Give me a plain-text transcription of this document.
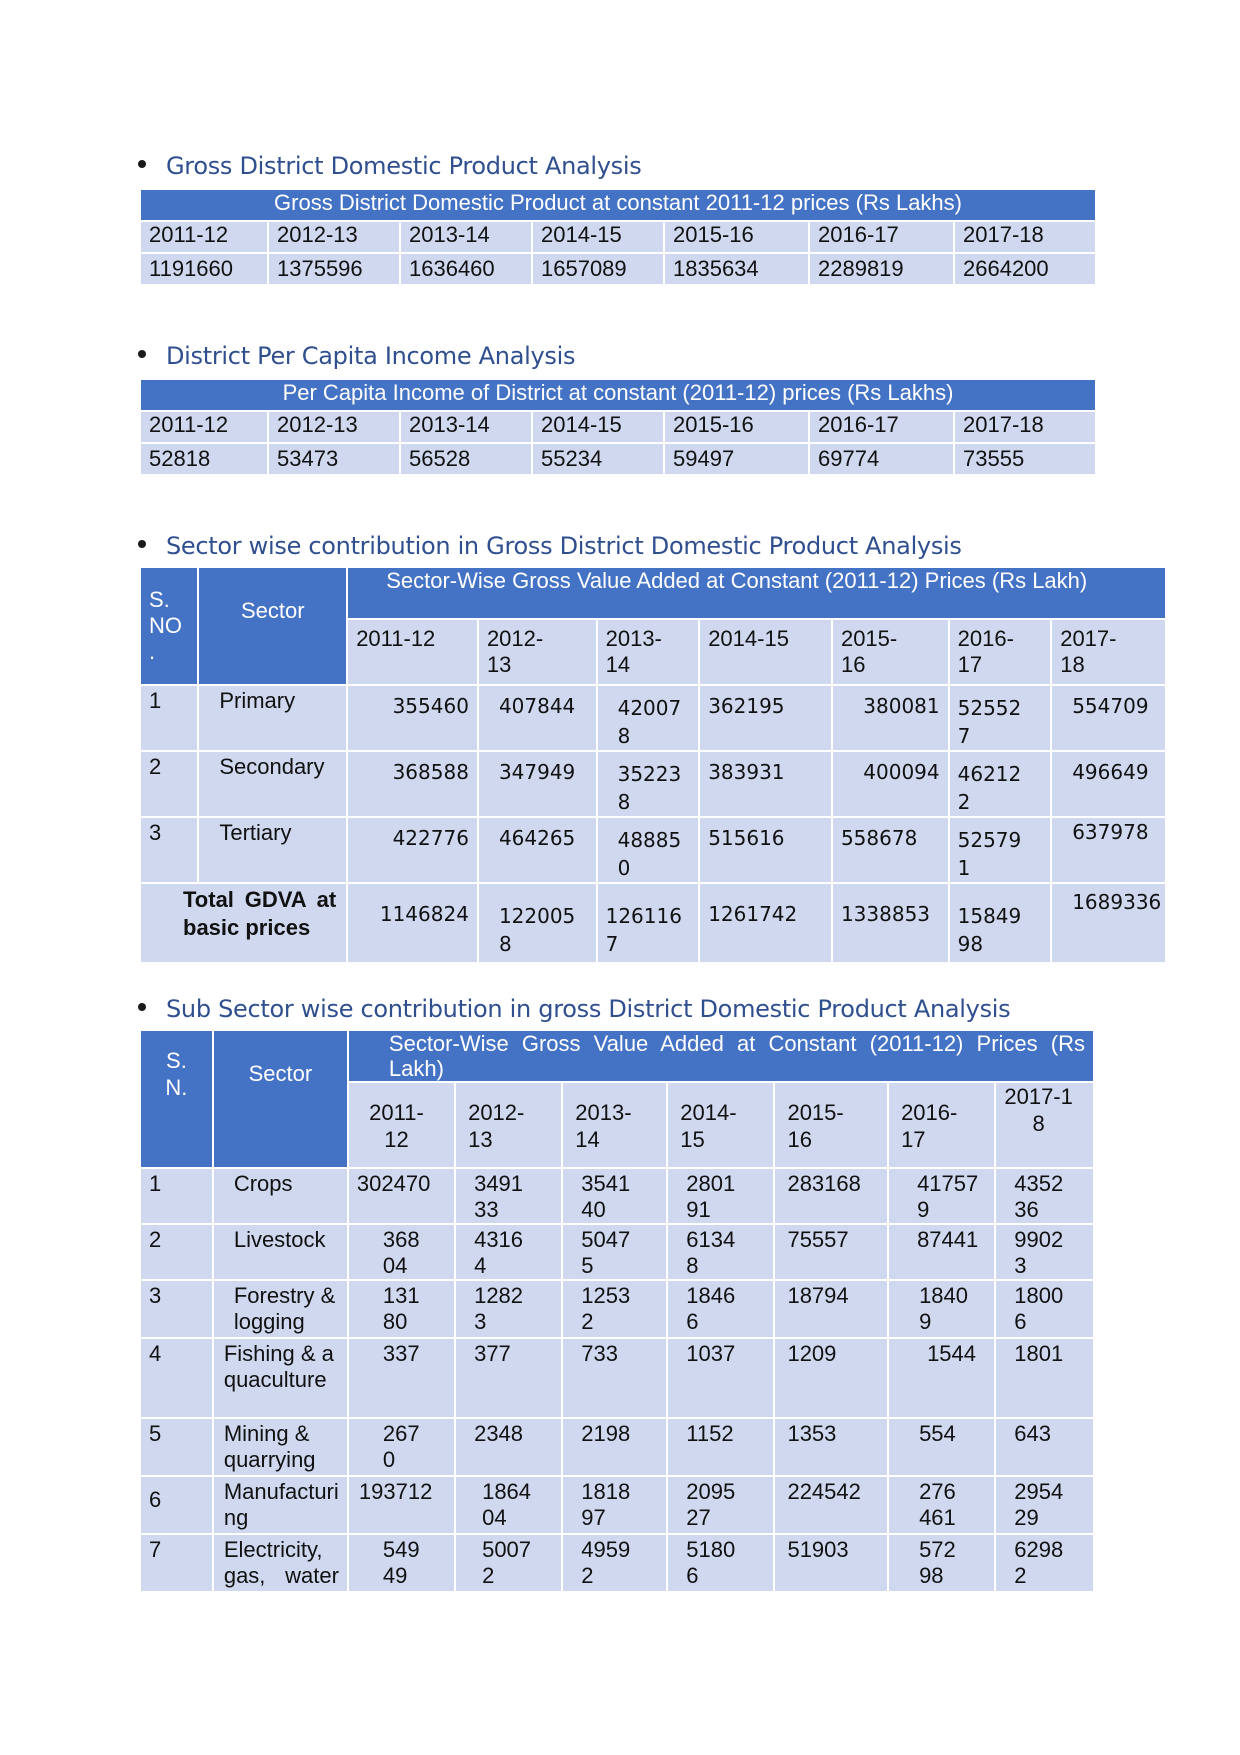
Gross District Domestic Product Analysis
Gross District Domestic Product at constant 2011-12 prices (Rs Lakhs)						
2011-12	2012-13	2013-14	2014-15	2015-16	2016-17	2017-18
1191660	1375596	1636460	1657089	1835634	2289819	2664200
District Per Capita Income Analysis
Per Capita Income of District at constant (2011-12) prices (Rs Lakhs)						
2011-12	2012-13	2013-14	2014-15	2015-16	2016-17	2017-18
52818	53473	56528	55234	59497	69774	73555
Sector wise contribution in Gross District Domestic Product Analysis
S. NO .	Sector	Sector-Wise Gross Value Added at Constant (2011-12) Prices (Rs Lakh)						
		2011-12	2012-13	2013-14	2014-15	2015-16	2016-17	2017-18
1	Primary	355460	407844	420078	362195	380081	525527	554709
2	Secondary	368588	347949	352238	383931	400094	462122	496649
3	Tertiary	422776	464265	488850	515616	558678	525791	637978
Total GDVA at basic prices		1146824	1220058	1261167	1261742	1338853	1584998	1689336
Sub Sector wise contribution in gross District Domestic Product Analysis
S. N.	Sector	Sector-Wise Gross Value Added at Constant (2011-12) Prices (Rs Lakh)						
		2011-12	2012-13	2013-14	2014-15	2015-16	2016-17	2017-18
1	Crops	302470	349133	354140	280191	283168	417579	435236
2	Livestock	36804	43164	50475	61348	75557	87441	99023
3	Forestry & logging	13180	12823	12532	18466	18794	18409	18006
4	Fishing & aquaculture	337	377	733	1037	1209	1544	1801
5	Mining & quarrying	2670	2348	2198	1152	1353	554	643
6	Manufacturing	193712	186404	181897	209527	224542	276461	295429
7	Electricity, gas, water	54949	50072	49592	51806	51903	57298	62982
